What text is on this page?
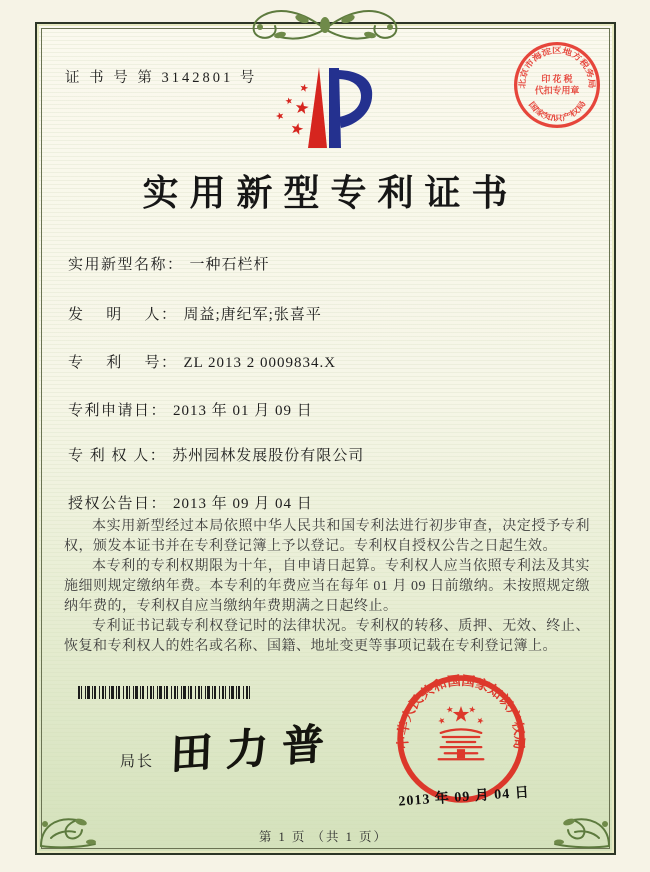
证 书 号 第 3142801 号
实用新型专利证书
实用新型名称： 一种石栏杆
发　 明 　人： 周益;唐纪军;张喜平
专　 利 　号： ZL 2013 2 0009834.X
专利申请日： 2013 年 01 月 09 日
专 利 权 人： 苏州园林发展股份有限公司
授权公告日： 2013 年 09 月 04 日

本实用新型经过本局依照中华人民共和国专利法进行初步审查，决定授予专利权，颁发本证书并在专利登记簿上予以登记。专利权自授权公告之日起生效。

本专利的专利权期限为十年，自申请日起算。专利权人应当依照专利法及其实施细则规定缴纳年费。本专利的年费应当在每年 01 月 09 日前缴纳。未按照规定缴纳年费的，专利权自应当缴纳年费期满之日起终止。

专利证书记载专利权登记时的法律状况。专利权的转移、质押、无效、终止、恢复和专利权人的姓名或名称、国籍、地址变更等事项记载在专利登记簿上。

局长 田力普	中华人民共和国国家知识产权局
2013 年 09 月 04 日
北京市海淀区地方税务局
国家知识产权局
印 花 税
代扣专用章
第 1 页 （共 1 页）
